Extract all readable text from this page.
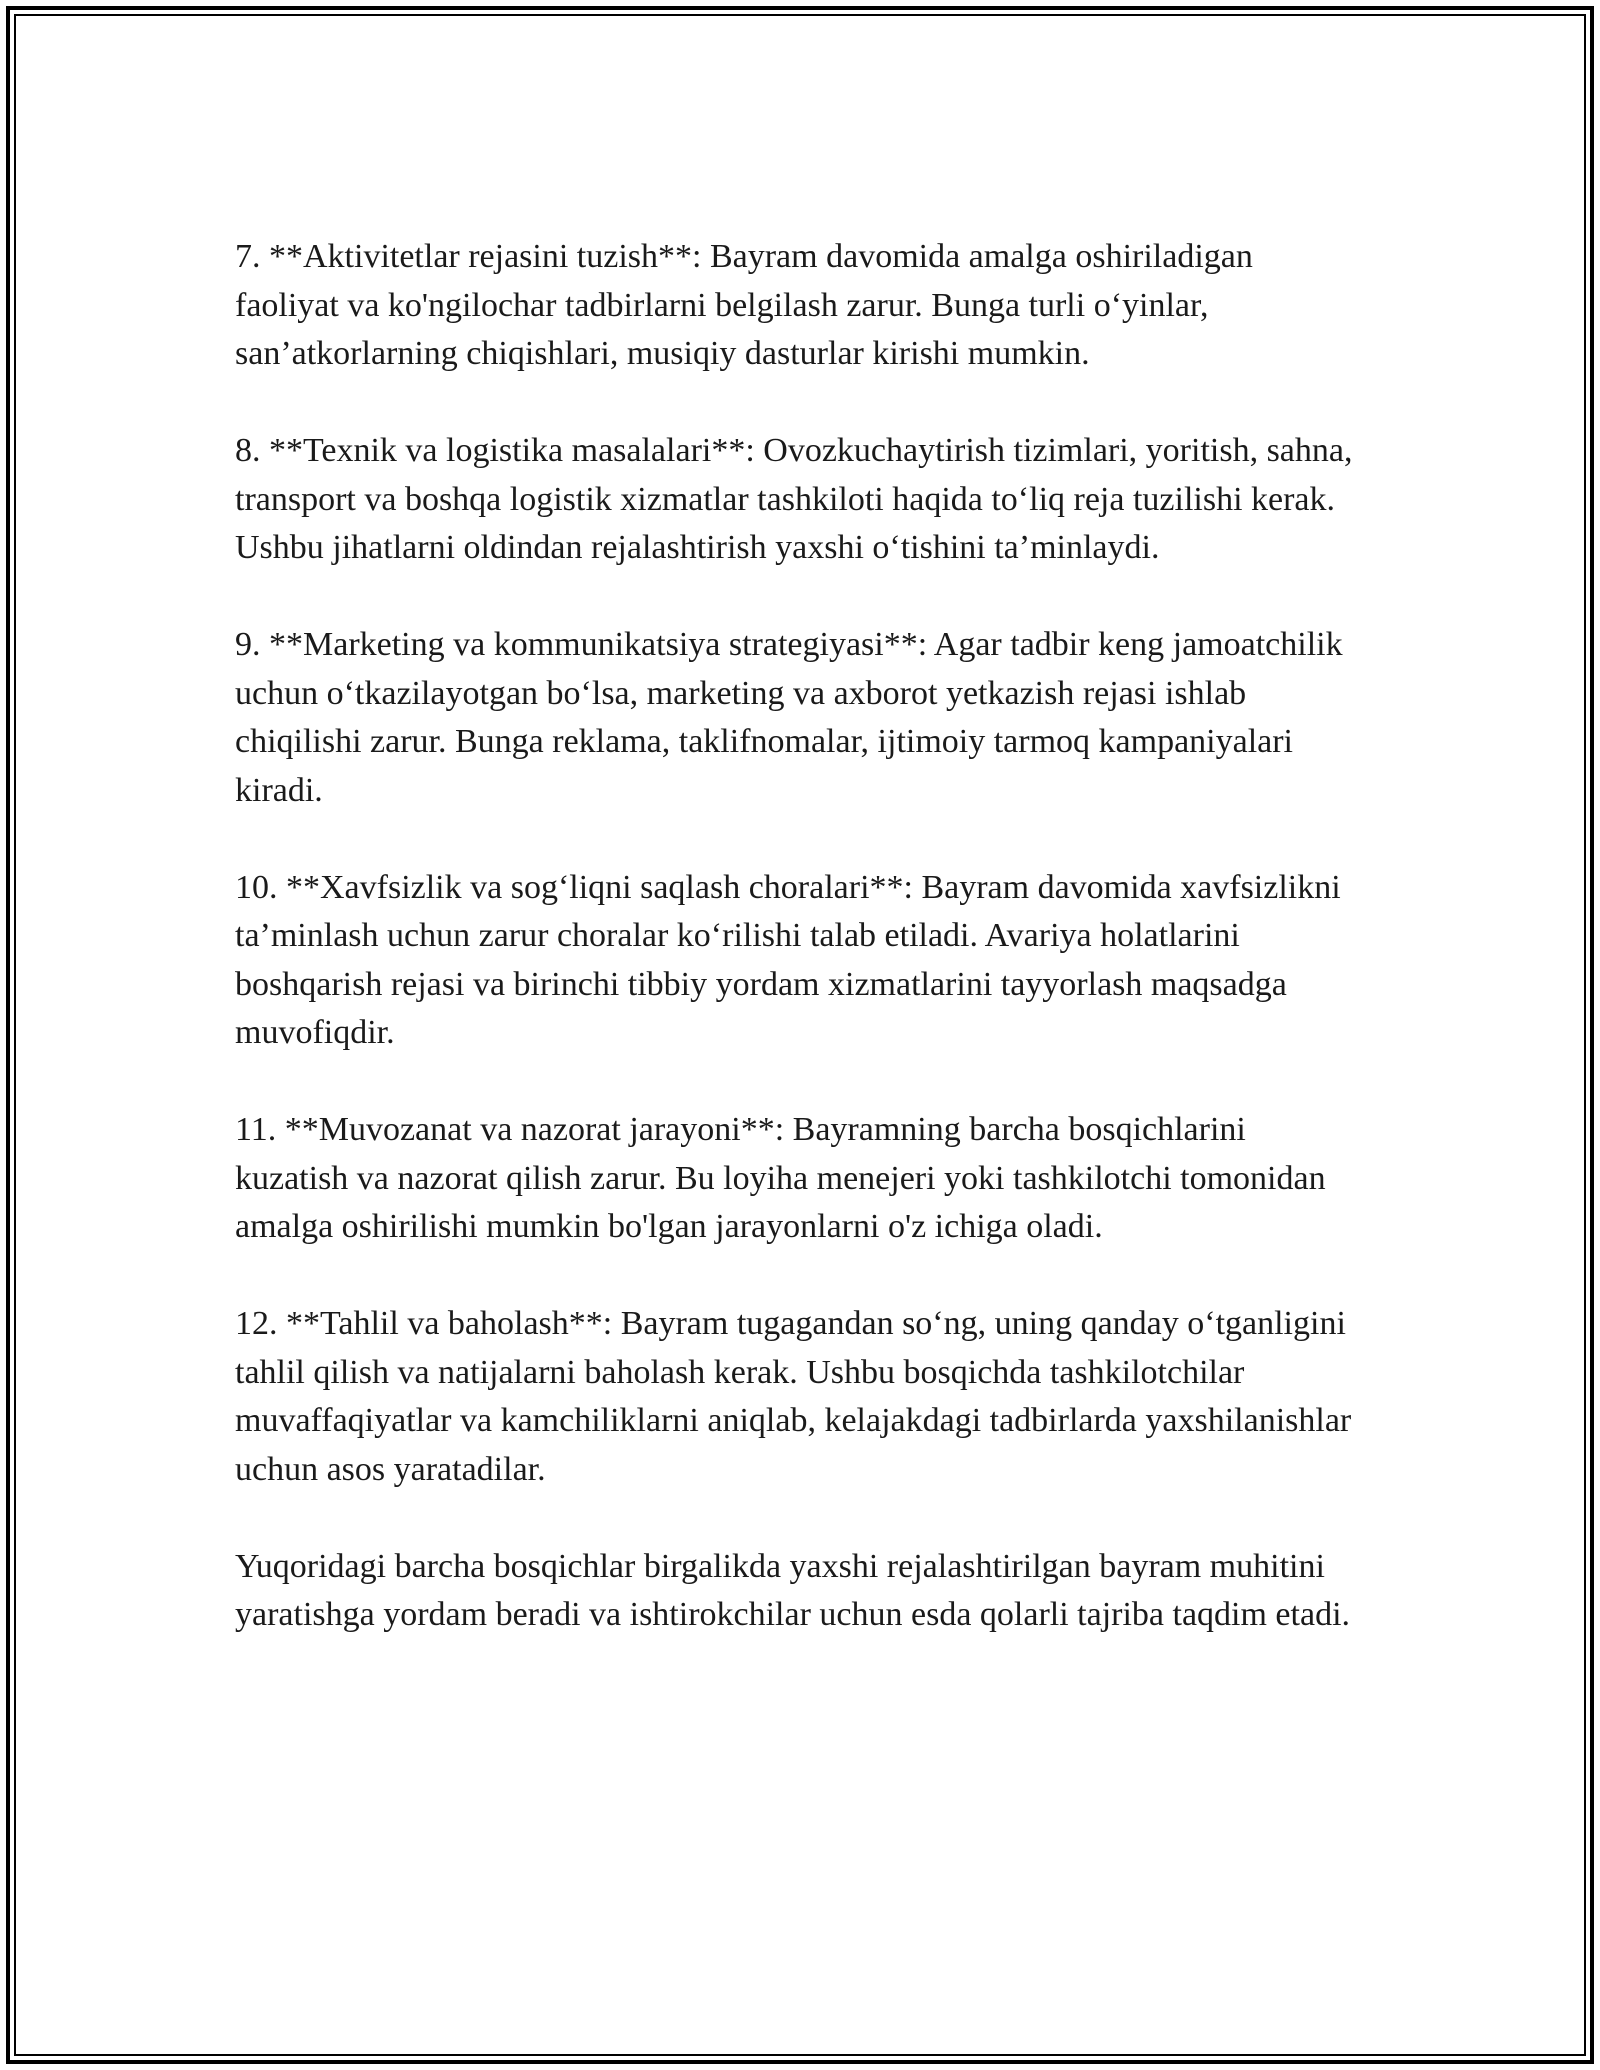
7. **Aktivitetlar rejasini tuzish**: Bayram davomida amalga oshiriladigan faoliyat va ko'ngilochar tadbirlarni belgilash zarur. Bunga turli o‘yinlar, san’atkorlarning chiqishlari, musiqiy dasturlar kirishi mumkin.

8. **Texnik va logistika masalalari**: Ovozkuchaytirish tizimlari, yoritish, sahna, transport va boshqa logistik xizmatlar tashkiloti haqida to‘liq reja tuzilishi kerak. Ushbu jihatlarni oldindan rejalashtirish yaxshi o‘tishini ta’minlaydi.

9. **Marketing va kommunikatsiya strategiyasi**: Agar tadbir keng jamoatchilik uchun o‘tkazilayotgan bo‘lsa, marketing va axborot yetkazish rejasi ishlab chiqilishi zarur. Bunga reklama, taklifnomalar, ijtimoiy tarmoq kampaniyalari kiradi.

10. **Xavfsizlik va sog‘liqni saqlash choralari**: Bayram davomida xavfsizlikni ta’minlash uchun zarur choralar ko‘rilishi talab etiladi. Avariya holatlarini boshqarish rejasi va birinchi tibbiy yordam xizmatlarini tayyorlash maqsadga muvofiqdir.

11. **Muvozanat va nazorat jarayoni**: Bayramning barcha bosqichlarini kuzatish va nazorat qilish zarur. Bu loyiha menejeri yoki tashkilotchi tomonidan amalga oshirilishi mumkin bo'lgan jarayonlarni o'z ichiga oladi.

12. **Tahlil va baholash**: Bayram tugagandan so‘ng, uning qanday o‘tganligini tahlil qilish va natijalarni baholash kerak. Ushbu bosqichda tashkilotchilar muvaffaqiyatlar va kamchiliklarni aniqlab, kelajakdagi tadbirlarda yaxshilanishlar uchun asos yaratadilar.

Yuqoridagi barcha bosqichlar birgalikda yaxshi rejalashtirilgan bayram muhitini yaratishga yordam beradi va ishtirokchilar uchun esda qolarli tajriba taqdim etadi.
